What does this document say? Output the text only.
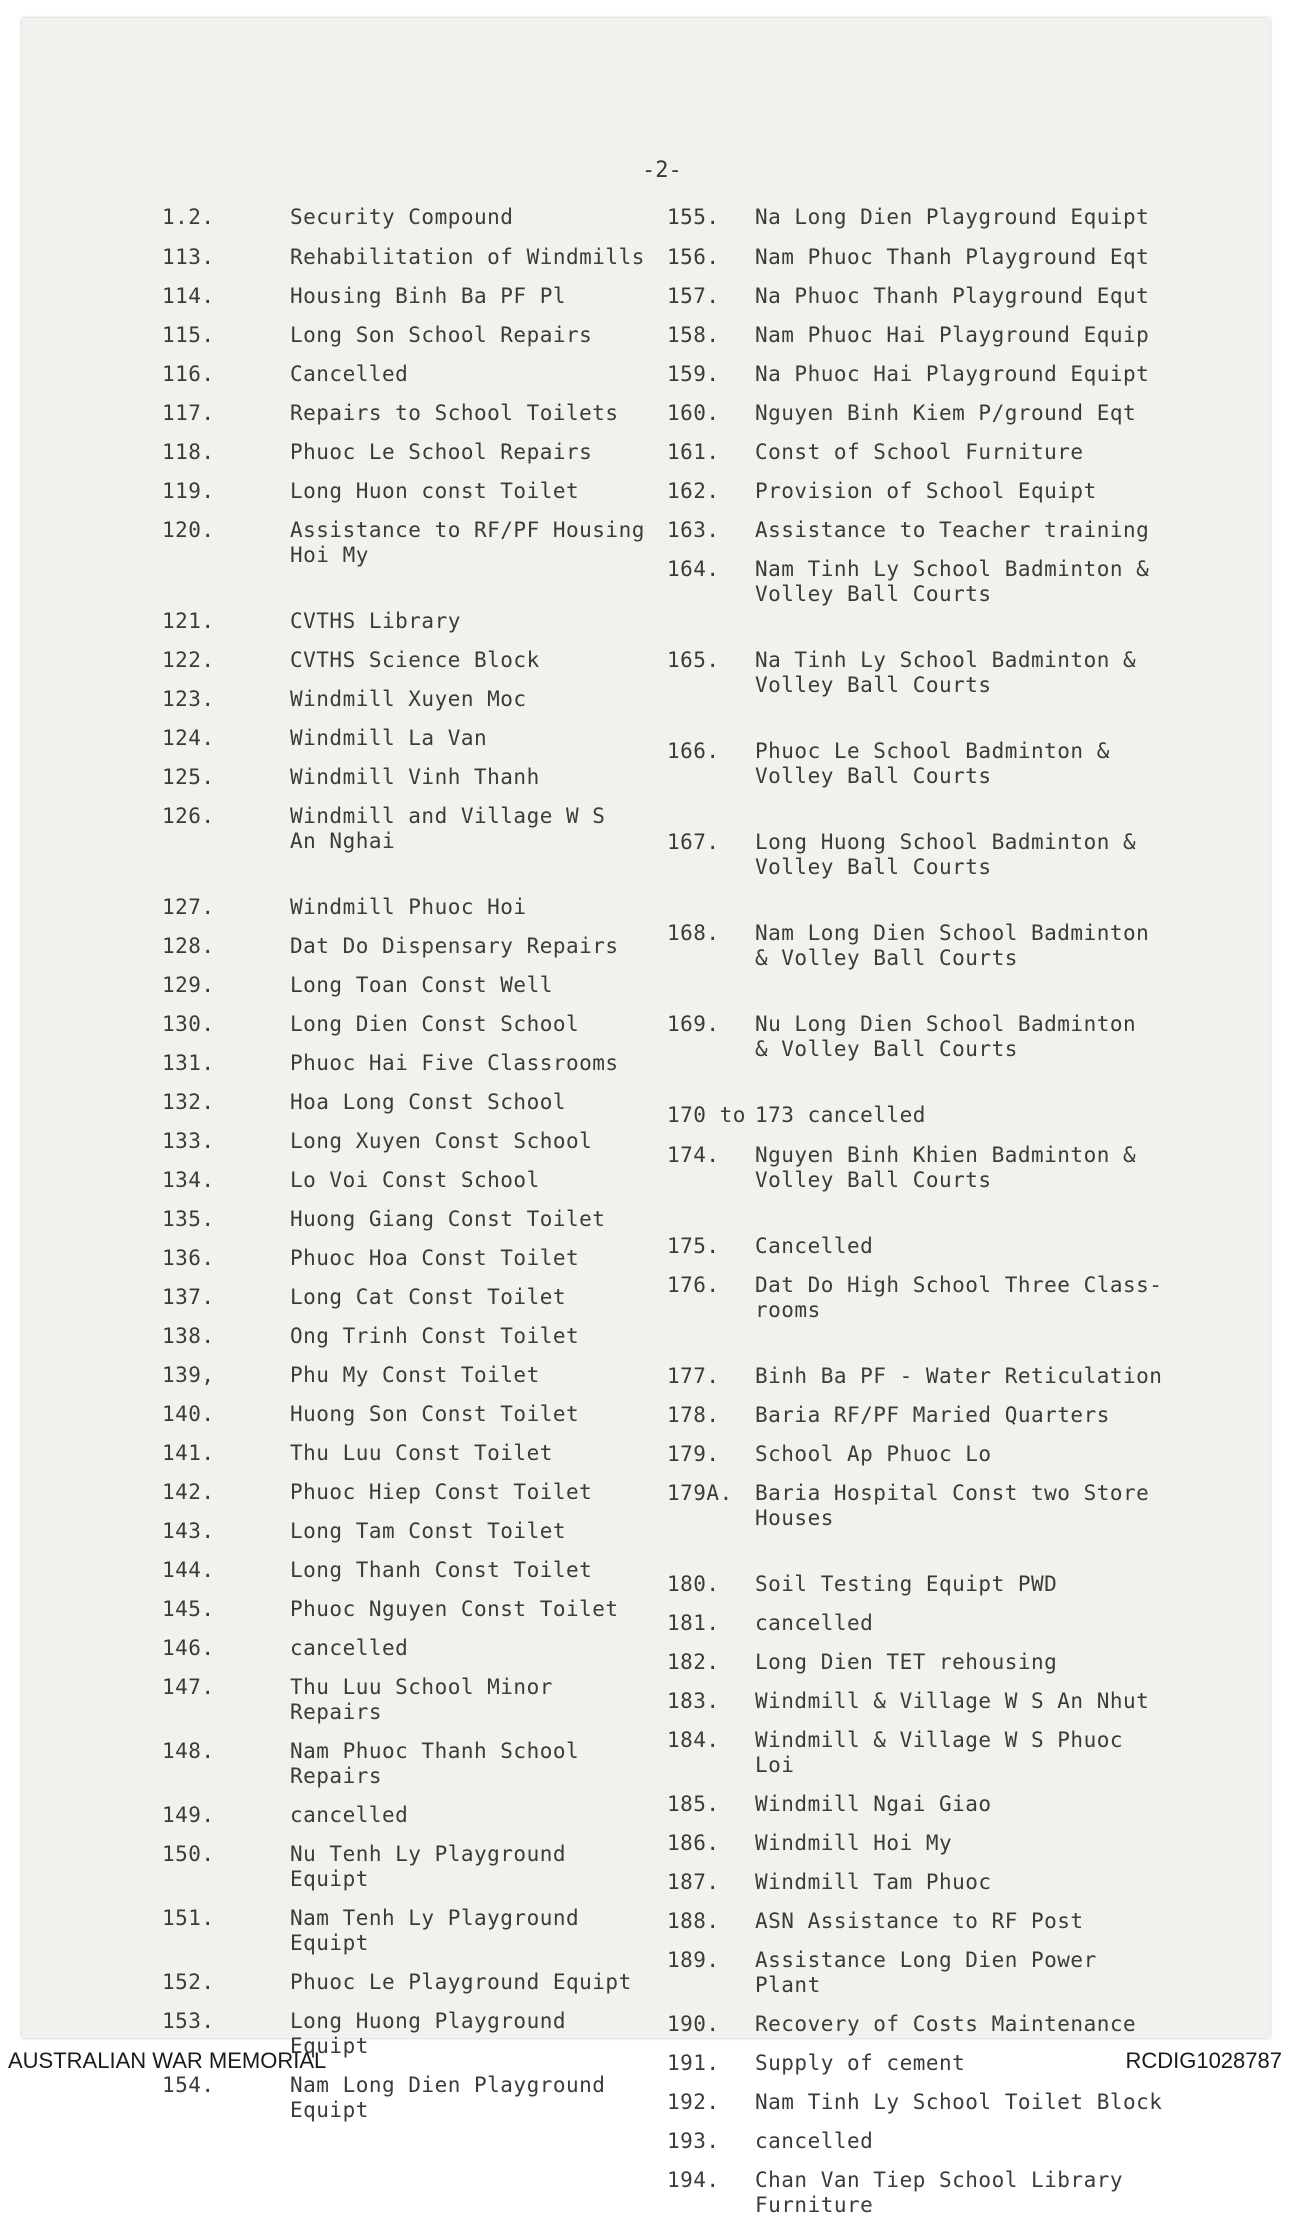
-2-
1.2.	Security Compound
113.	Rehabilitation of Windmills
114.	Housing Binh Ba PF Pl
115.	Long Son School Repairs
116.	Cancelled
117.	Repairs to School Toilets
118.	Phuoc Le School Repairs
119.	Long Huon const Toilet
120.	Assistance to RF/PF Housing
Hoi My
121.	CVTHS Library
122.	CVTHS Science Block
123.	Windmill Xuyen Moc
124.	Windmill La Van
125.	Windmill Vinh Thanh
126.	Windmill and Village W S
An Nghai
127.	Windmill Phuoc Hoi
128.	Dat Do Dispensary Repairs
129.	Long Toan Const Well
130.	Long Dien Const School
131.	Phuoc Hai Five Classrooms
132.	Hoa Long Const School
133.	Long Xuyen Const School
134.	Lo Voi Const School
135.	Huong Giang Const Toilet
136.	Phuoc Hoa Const Toilet
137.	Long Cat Const Toilet
138.	Ong Trinh Const Toilet
139,	Phu My Const Toilet
140.	Huong Son Const Toilet
141.	Thu Luu Const Toilet
142.	Phuoc Hiep Const Toilet
143.	Long Tam Const Toilet
144.	Long Thanh Const Toilet
145.	Phuoc Nguyen Const Toilet
146.	cancelled
147.	Thu Luu School Minor Repairs
148.	Nam Phuoc Thanh School Repairs
149.	cancelled
150.	Nu Tenh Ly Playground Equipt
151.	Nam Tenh Ly Playground Equipt
152.	Phuoc Le Playground Equipt
153.	Long Huong Playground Equipt
154.	Nam Long Dien Playground Equipt
155.	Na Long Dien Playground Equipt
156.	Nam Phuoc Thanh Playground Eqt
157.	Na Phuoc Thanh Playground Equt
158.	Nam Phuoc Hai Playground Equip
159.	Na Phuoc Hai Playground Equipt
160.	Nguyen Binh Kiem P/ground Eqt
161.	Const of School Furniture
162.	Provision of School Equipt
163.	Assistance to Teacher training
164.	Nam Tinh Ly School Badminton &
Volley Ball Courts
165.	Na Tinh Ly School Badminton &
Volley Ball Courts
166.	Phuoc Le School Badminton &
Volley Ball Courts
167.	Long Huong School Badminton &
Volley Ball Courts
168.	Nam Long Dien School Badminton
& Volley Ball Courts
169.	Nu Long Dien School Badminton
& Volley Ball Courts
170 to 173 cancelled
174.	Nguyen Binh Khien Badminton &
Volley Ball Courts
175.	Cancelled
176.	Dat Do High School Three Class-
rooms
177.	Binh Ba PF - Water Reticulation
178.	Baria RF/PF Maried Quarters
179.	School Ap Phuoc Lo
179A.	Baria Hospital Const two Store
Houses
180.	Soil Testing Equipt PWD
181.	cancelled
182.	Long Dien TET rehousing
183.	Windmill & Village W S An Nhut
184.	Windmill & Village W S Phuoc Loi
185.	Windmill Ngai Giao
186.	Windmill Hoi My
187.	Windmill Tam Phuoc
188.	ASN Assistance to RF Post
189.	Assistance Long Dien Power Plant
190.	Recovery of Costs Maintenance
191.	Supply of cement
192.	Nam Tinh Ly School Toilet Block
193.	cancelled
194.	Chan Van Tiep School Library
Furniture
AUSTRALIAN WAR MEMORIAL	RCDIG1028787
